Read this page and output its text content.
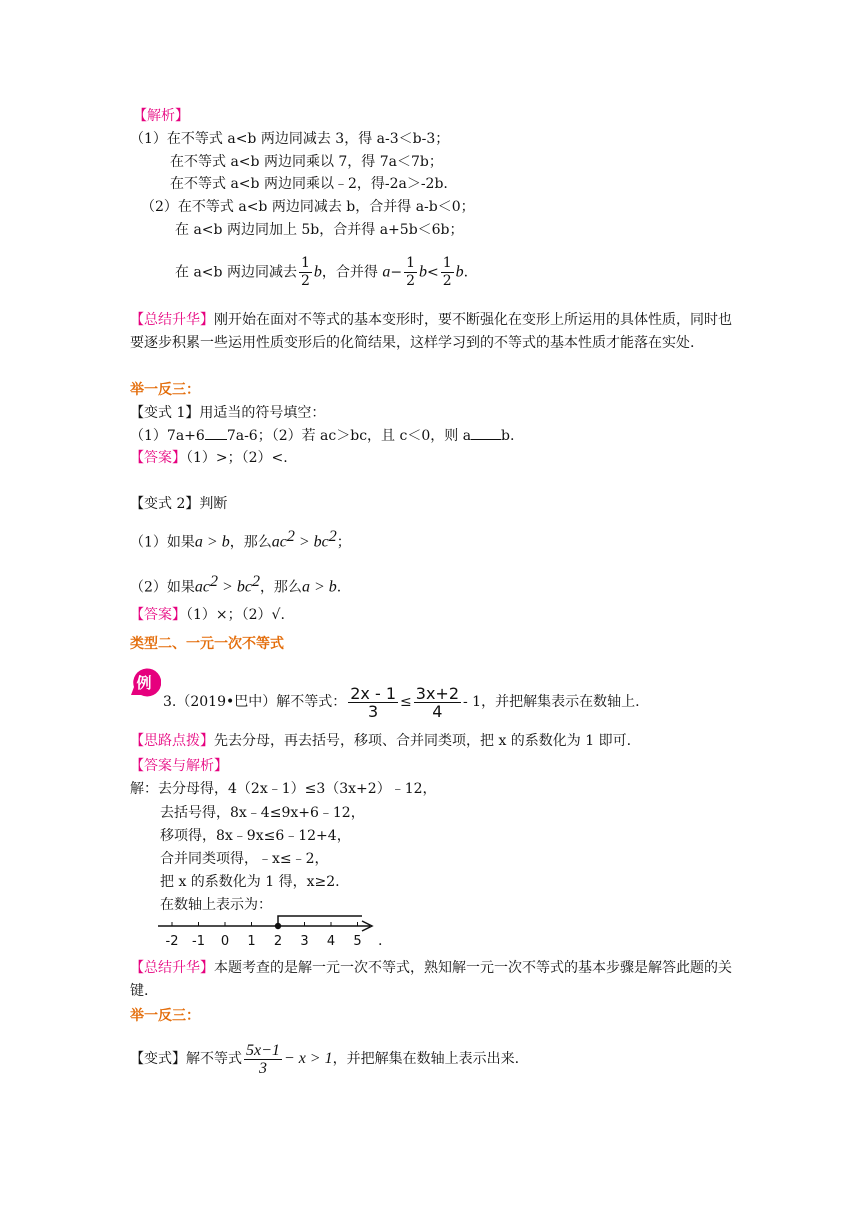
【解析】
（1）在不等式 a<b 两边同减去 3，得 a-3＜b-3；
在不等式 a<b 两边同乘以 7，得 7a＜7b；
在不等式 a<b 两边同乘以﹣2，得-2a＞-2b.
（2）在不等式 a<b 两边同减去 b，合并得 a-b＜0；
在 a<b 两边同加上 5b，合并得 a+5b＜6b；
在 a<b 两边同减去 $\frac{1}{2}$ b，合并得 $a- \frac{1}{2} b< \frac{1}{2} b$.
【总结升华】刚开始在面对不等式的基本变形时，要不断强化在变形上所运用的具体性质，同时也要逐步积累一些运用性质变形后的化简结果，这样学习到的不等式的基本性质才能落在实处.
举一反三：
【变式 1】用适当的符号填空：
（1）7a+6 7a-6；（2）若 ac＞bc，且 c＜0，则 a b.
【答案】（1）>；（2）<.
【变式 2】判断
（1）如果a > b，那么$ac^2 > bc^2$；
（2）如果$ac^2 > bc^2$，那么a > b.
【答案】（1）×；（2）√.
类型二、一元一次不等式
例
3.（2019•巴中）解不等式： $\frac{2x - 1}{3} \le \frac{3x+2}{4} - 1$，并把解集表示在数轴上.
【思路点拨】先去分母，再去括号，移项、合并同类项，把 x 的系数化为 1 即可.
【答案与解析】
解：去分母得，4（2x﹣1）≤3（3x+2）﹣12，
去括号得，8x﹣4≤9x+6﹣12，
移项得，8x﹣9x≤6﹣12+4，
合并同类项得，﹣x≤﹣2，
把 x 的系数化为 1 得，x≥2.
在数轴上表示为：
-2 -1 0 1 2 3 4 5 .
【总结升华】本题考查的是解一元一次不等式，熟知解一元一次不等式的基本步骤是解答此题的关键.
举一反三：
【变式】解不等式 $\frac{5x-1}{3} - x > 1$，并把解集在数轴上表示出来.
